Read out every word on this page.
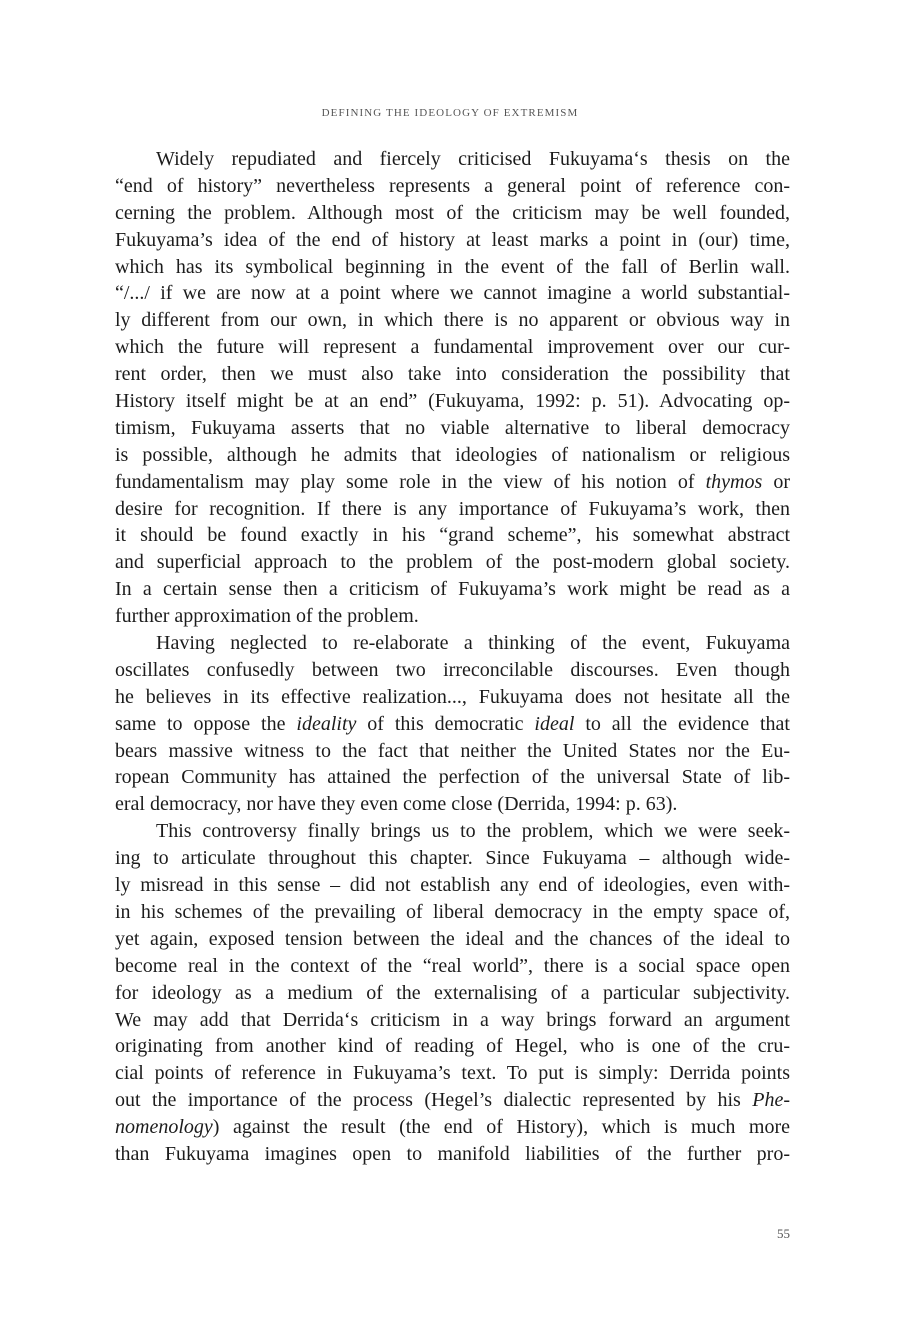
DEFINING THE IDEOLOGY OF EXTREMISM
Widely repudiated and fiercely criticised Fukuyama‘s thesis on the
“end of history” nevertheless represents a general point of reference con-
cerning the problem. Although most of the criticism may be well founded,
Fukuyama’s idea of the end of history at least marks a point in (our) time,
which has its symbolical beginning in the event of the fall of Berlin wall.
“/.../ if we are now at a point where we cannot imagine a world substantial-
ly different from our own, in which there is no apparent or obvious way in
which the future will represent a fundamental improvement over our cur-
rent order, then we must also take into consideration the possibility that
History itself might be at an end” (Fukuyama, 1992: p. 51). Advocating op-
timism, Fukuyama asserts that no viable alternative to liberal democracy
is possible, although he admits that ideologies of nationalism or religious
fundamentalism may play some role in the view of his notion of thymos or
desire for recognition. If there is any importance of Fukuyama’s work, then
it should be found exactly in his “grand scheme”, his somewhat abstract
and superficial approach to the problem of the post-modern global society.
In a certain sense then a criticism of Fukuyama’s work might be read as a
further approximation of the problem.
Having neglected to re-elaborate a thinking of the event, Fukuyama
oscillates confusedly between two irreconcilable discourses. Even though
he believes in its effective realization..., Fukuyama does not hesitate all the
same to oppose the ideality of this democratic ideal to all the evidence that
bears massive witness to the fact that neither the United States nor the Eu-
ropean Community has attained the perfection of the universal State of lib-
eral democracy, nor have they even come close (Derrida, 1994: p. 63).
This controversy finally brings us to the problem, which we were seek-
ing to articulate throughout this chapter. Since Fukuyama – although wide-
ly misread in this sense – did not establish any end of ideologies, even with-
in his schemes of the prevailing of liberal democracy in the empty space of,
yet again, exposed tension between the ideal and the chances of the ideal to
become real in the context of the “real world”, there is a social space open
for ideology as a medium of the externalising of a particular subjectivity.
We may add that Derrida‘s criticism in a way brings forward an argument
originating from another kind of reading of Hegel, who is one of the cru-
cial points of reference in Fukuyama’s text. To put is simply: Derrida points
out the importance of the process (Hegel’s dialectic represented by his Phe-
nomenology) against the result (the end of History), which is much more
than Fukuyama imagines open to manifold liabilities of the further pro-
55
